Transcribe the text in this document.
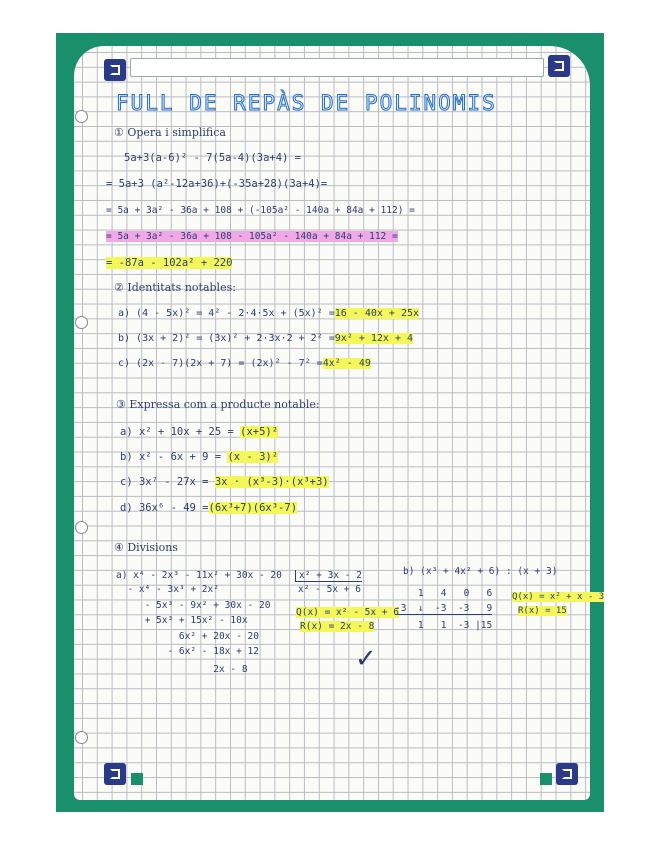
FULL DE REPÀS DE POLINOMIS
① Opera i simplifica
5a+3(a-6)² - 7(5a-4)(3a+4) =
= 5a+3 (a²-12a+36)+(-35a+28)(3a+4)=
= 5a + 3a² - 36a + 108 + (-105a² - 140a + 84a + 112) =
= 5a + 3a² - 36a + 108 - 105a² - 140a + 84a + 112 =
= -87a - 102a² + 220
② Identitats notables:
a) (4 - 5x)² = 4² - 2·4·5x + (5x)² =16 - 40x + 25x
b) (3x + 2)² = (3x)² + 2·3x·2 + 2² =9x² + 12x + 4
c) (2x - 7)(2x + 7) = (2x)² - 7² =4x² - 49
③ Expressa com a producte notable:
a) x² + 10x + 25 = (x+5)²
b) x² - 6x + 9 = (x - 3)²
c) 3x⁷ - 27x = 3x · (x³-3)·(x³+3)
d) 36x⁶ - 49 =(6x³+7)(6x³-7)
④ Divisions
a) x⁴ - 2x³ - 11x² + 30x - 20
- x⁴ - 3x³ + 2x²
- 5x³ - 9x² + 30x - 20
+ 5x³ + 15x² - 10x
6x² + 20x - 20
- 6x² - 18x + 12
2x - 8
x² + 3x - 2
x² - 5x + 6
Q(x) = x² - 5x + 6
R(x) = 2x - 8
b) (x³ + 4x² + 6) : (x + 3)
1   4   0   6
-3  ↓  -3  -3   9
1   1  -3 |15
Q(x) = x² + x - 3
R(x) = 15
✓
